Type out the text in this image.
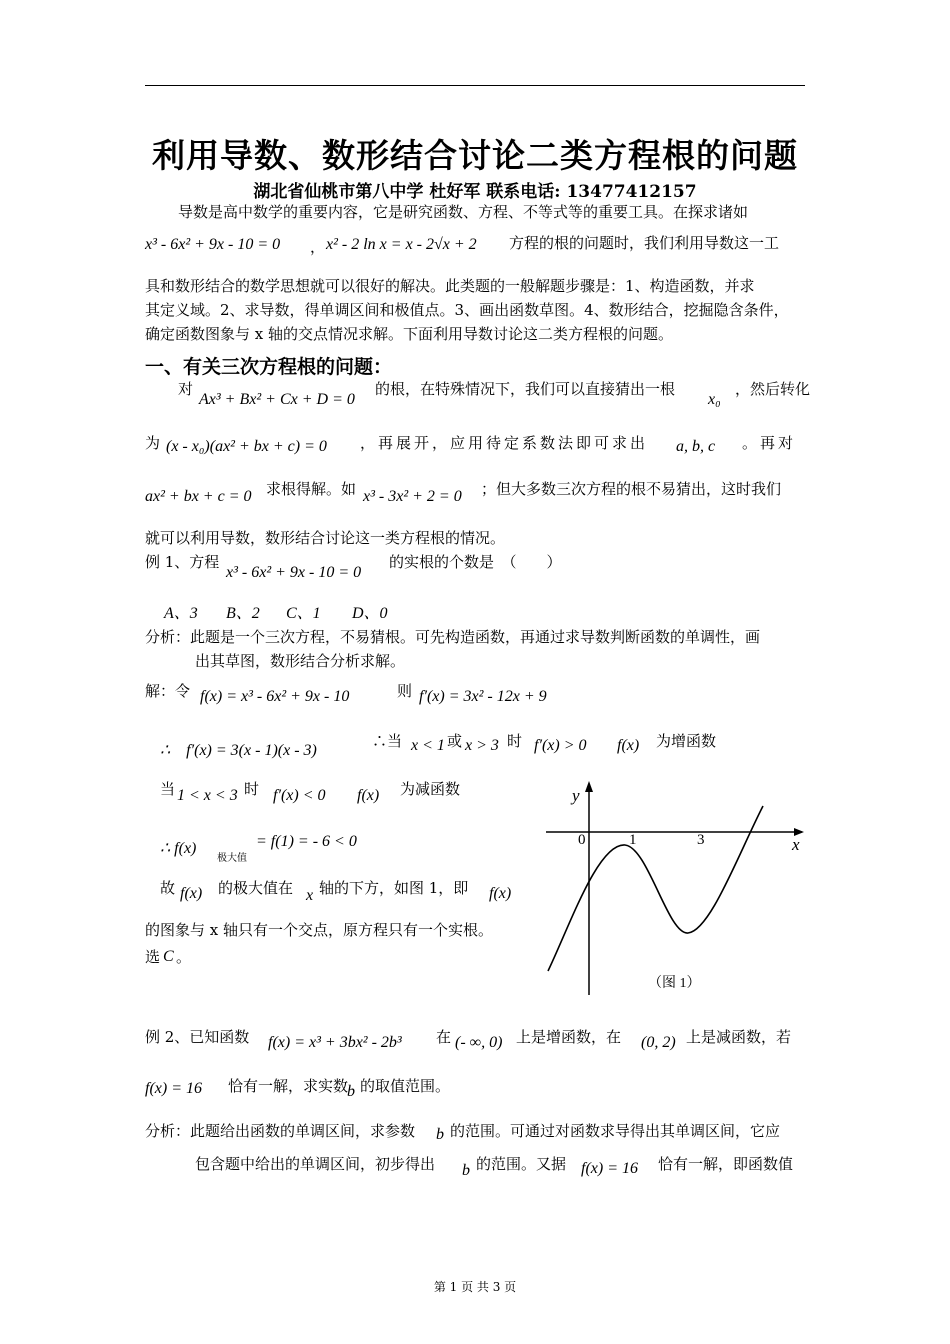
利用导数、数形结合讨论二类方程根的问题
湖北省仙桃市第八中学 杜好军 联系电话: 13477412157
导数是高中数学的重要内容，它是研究函数、方程、不等式等的重要工具。在探求诸如
x³ - 6x² + 9x - 10 = 0 ， x² - 2 ln x = x - 2√x + 2 方程的根的问题时，我们利用导数这一工
具和数形结合的数学思想就可以很好的解决。此类题的一般解题步骤是：1、构造函数，并求
其定义域。2、求导数，得单调区间和极值点。3、画出函数草图。4、数形结合，挖掘隐含条件，
确定函数图象与 x 轴的交点情况求解。下面利用导数讨论这二类方程根的问题。
一、有关三次方程根的问题：
对
Ax³ + Bx² + Cx + D = 0
的根，在特殊情况下，我们可以直接猜出一根
x₀
，然后转化
为 (x - x₀)(ax² + bx + c) = 0 ，再展开，应用待定系数法即可求出 a, b, c 。再对
ax² + bx + c = 0 求根得解。如 x³ - 3x² + 2 = 0 ；但大多数三次方程的根不易猜出，这时我们
就可以利用导数，数形结合讨论这一类方程根的情况。
例 1、方程
x³ - 6x² + 9x - 10 = 0
的实根的个数是　（　　）
A、3 B、2 C、1 D、0
分析：此题是一个三次方程，不易猜根。可先构造函数，再通过求导数判断函数的单调性，画
出其草图，数形结合分析求解。
解：令 f(x) = x³ - 6x² + 9x - 10	则 f′(x) = 3x² - 12x + 9
∴　f′(x) = 3(x - 1)(x - 3)
∴当 x < 1 或 x > 3 时 f′(x) > 0 f(x) 为增函数
当 1 < x < 3 时 f′(x) < 0 f(x) 为减函数
∴ f(x)
极大值
= f(1) = - 6 < 0
故 f(x) 的极大值在 x 轴的下方，如图 1，即 f(x)
的图象与 x 轴只有一个交点，原方程只有一个实根。
选 C 。
y
x
0	1	3
（图 1）
例 2、已知函数 f(x) = x³ + 3bx² - 2b³ 在 (- ∞, 0) 上是增函数，在 (0, 2) 上是减函数，若
f(x) = 16 恰有一解，求实数
b 的取值范围。
分析：此题给出函数的单调区间，求参数 b 的范围。可通过对函数求导得出其单调区间，它应
包含题中给出的单调区间，初步得出 b 的范围。又据 f(x) = 16 恰有一解，即函数值
第 1 页 共 3 页
